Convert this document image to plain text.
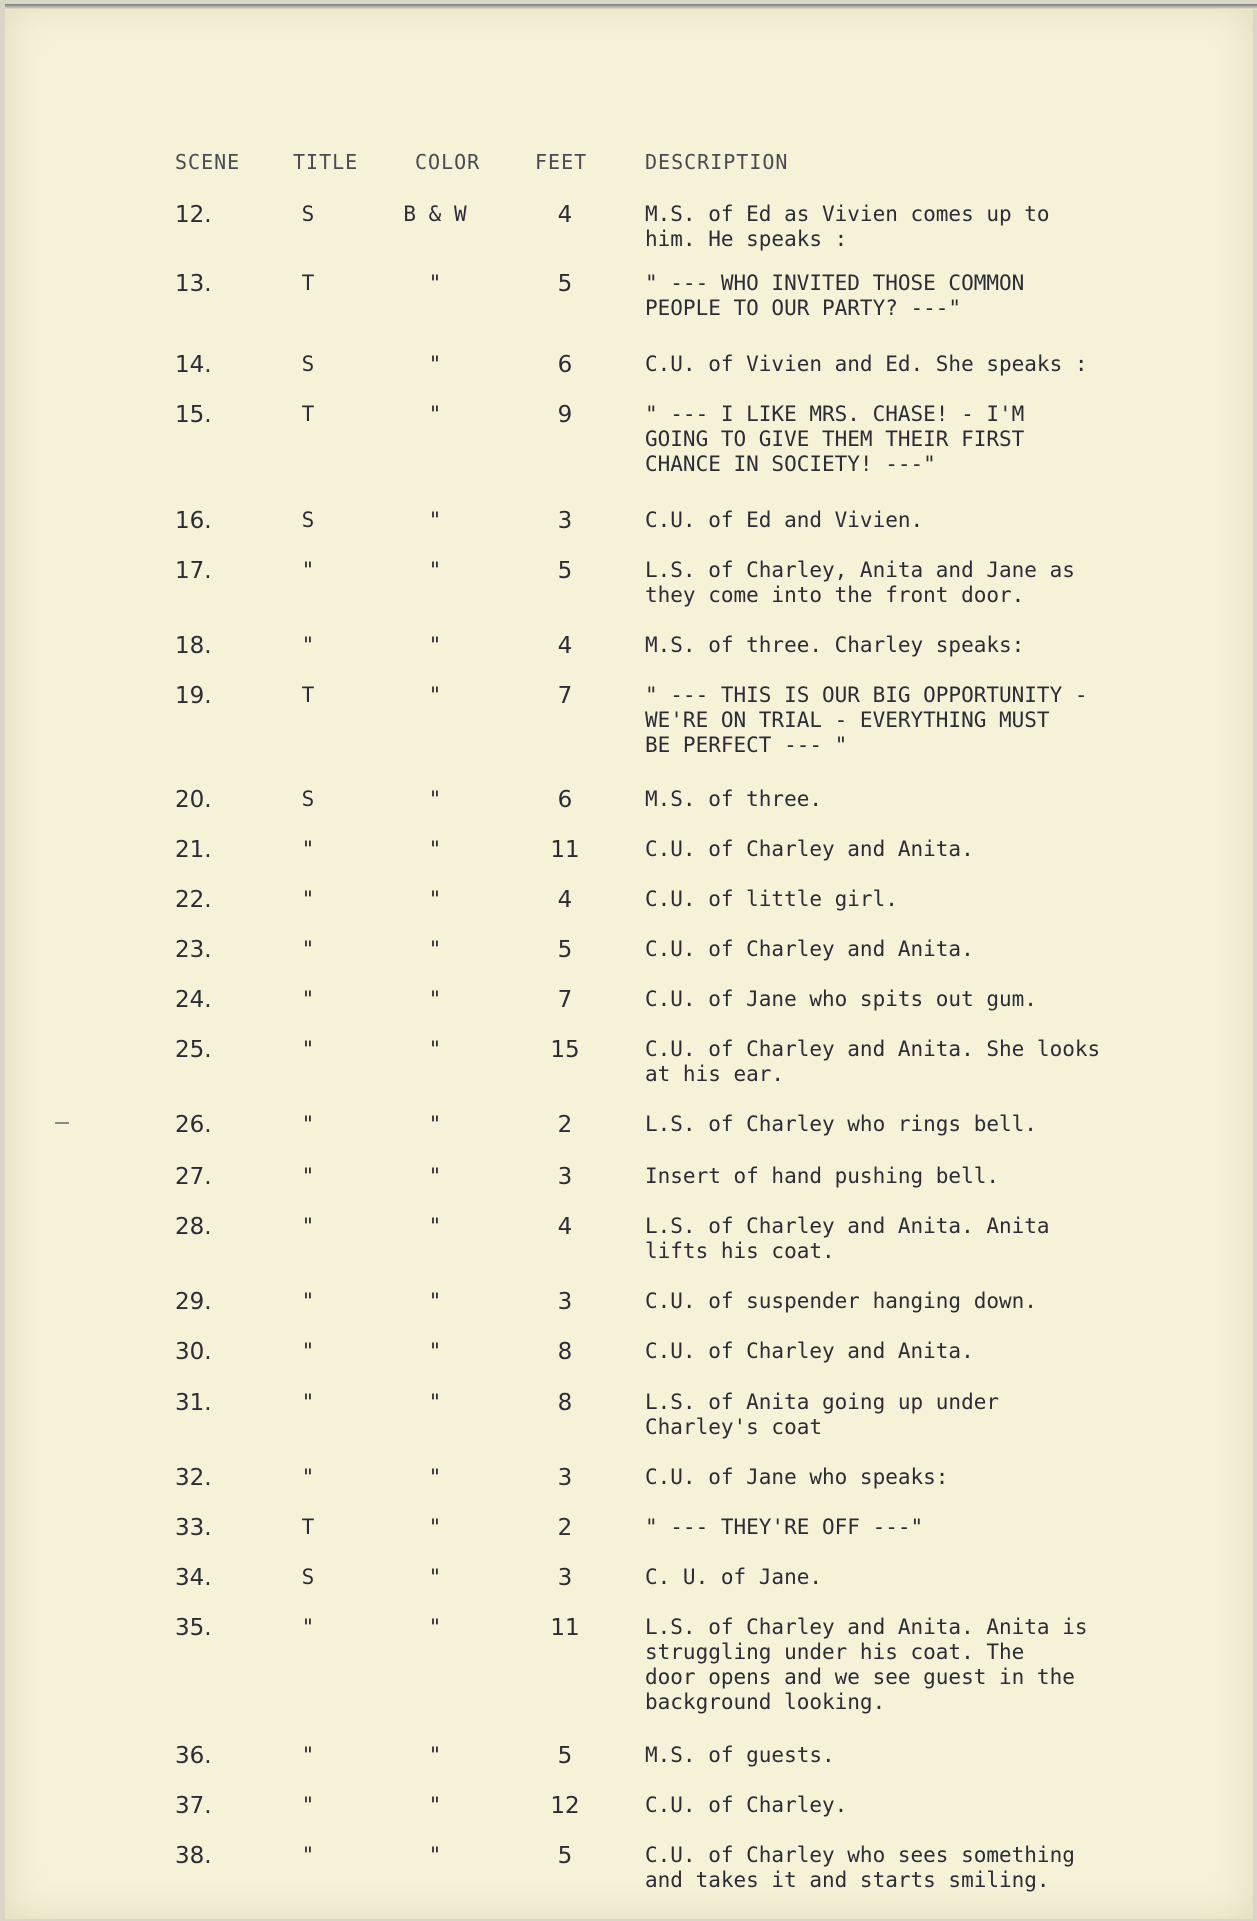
SCENE	TITLE	COLOR	FEET	DESCRIPTION
12.	S	B & W	4	M.S. of Ed as Vivien comes up to
him. He speaks :
13.	T	"	5	" --- WHO INVITED THOSE COMMON
PEOPLE TO OUR PARTY? ---"
14.	S	"	6	C.U. of Vivien and Ed. She speaks :
15.	T	"	9	" --- I LIKE MRS. CHASE! - I'M
GOING TO GIVE THEM THEIR FIRST
CHANCE IN SOCIETY! ---"
16.	S	"	3	C.U. of Ed and Vivien.
17.	"	"	5	L.S. of Charley, Anita and Jane as
they come into the front door.
18.	"	"	4	M.S. of three. Charley speaks:
19.	T	"	7	" --- THIS IS OUR BIG OPPORTUNITY -
WE'RE ON TRIAL - EVERYTHING MUST
BE PERFECT --- "
20.	S	"	6	M.S. of three.
21.	"	"	11	C.U. of Charley and Anita.
22.	"	"	4	C.U. of little girl.
23.	"	"	5	C.U. of Charley and Anita.
24.	"	"	7	C.U. of Jane who spits out gum.
25.	"	"	15	C.U. of Charley and Anita. She looks
at his ear.
26.	"	"	2	L.S. of Charley who rings bell.
27.	"	"	3	Insert of hand pushing bell.
28.	"	"	4	L.S. of Charley and Anita. Anita
lifts his coat.
29.	"	"	3	C.U. of suspender hanging down.
30.	"	"	8	C.U. of Charley and Anita.
31.	"	"	8	L.S. of Anita going up under
Charley's coat
32.	"	"	3	C.U. of Jane who speaks:
33.	T	"	2	" --- THEY'RE OFF ---"
34.	S	"	3	C. U. of Jane.
35.	"	"	11	L.S. of Charley and Anita. Anita is
struggling under his coat. The
door opens and we see guest in the
background looking.
36.	"	"	5	M.S. of guests.
37.	"	"	12	C.U. of Charley.
38.	"	"	5	C.U. of Charley who sees something
and takes it and starts smiling.
